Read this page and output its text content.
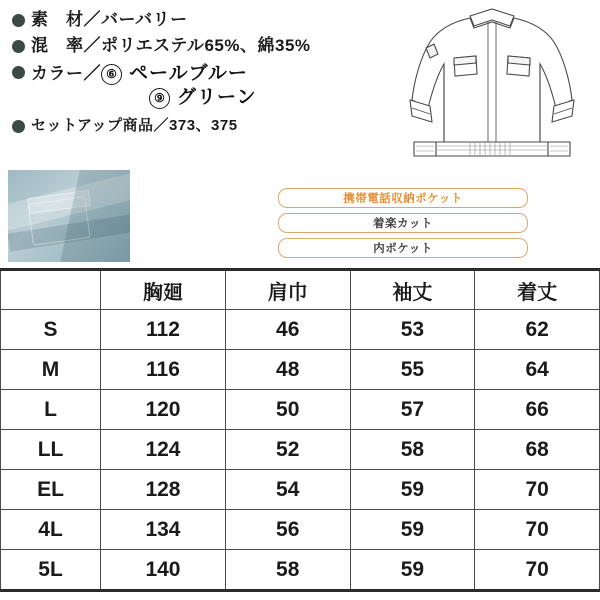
素　材／ バーバリー
混　率／ ポリエステル65%、綿35%
カラー／ ⑥ ペールブルー
⑨ グリーン
セットアップ商品／ 373、375
携帯電話収納ポケット
着楽カット
内ポケット
	胸廻	肩巾	袖丈	着丈
S	112	46	53	62
M	116	48	55	64
L	120	50	57	66
LL	124	52	58	68
EL	128	54	59	70
4L	134	56	59	70
5L	140	58	59	70
